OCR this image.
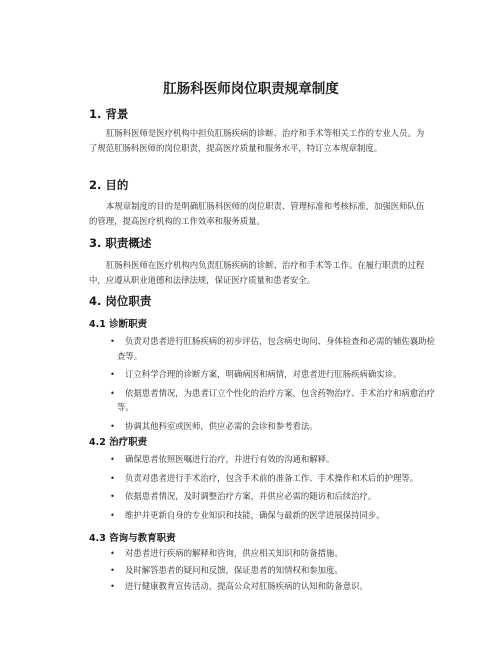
肛肠科医师岗位职责规章制度
1. 背景

肛肠科医师是医疗机构中担负肛肠疾病的诊断、治疗和手术等相关工作的专业人员。为了规范肛肠科医师的岗位职责，提高医疗质量和服务水平，特订立本规章制度。

2. 目的

本规章制度的目的是明确肛肠科医师的岗位职责、管理标准和考核标准，加强医师队伍的管理，提高医疗机构的工作效率和服务质量。

3. 职责概述

肛肠科医师在医疗机构内负责肛肠疾病的诊断、治疗和手术等工作。在履行职责的过程中，应遵从职业道德和法律法规，保证医疗质量和患者安全。

4. 岗位职责
4.1 诊断职责
•	负责对患者进行肛肠疾病的初步评估，包含病史询问、身体检查和必需的辅佐襄助检查等。
•	订立科学合理的诊断方案，明确病因和病情，对患者进行肛肠疾病确实诊。
•	依据患者情况，为患者订立个性化的治疗方案，包含药物治疗、手术治疗和病愈治疗等。
•	协调其他科室或医师，供应必需的会诊和参考看法。
4.2 治疗职责
•	确保患者依照医嘱进行治疗，并进行有效的沟通和解释。
•	负责对患者进行手术治疗，包含手术前的准备工作、手术操作和术后的护理等。
•	依据患者情况，及时调整治疗方案，并供应必需的随访和后续治疗。
•	维护并更新自身的专业知识和技能，确保与最新的医学进展保持同步。
4.3 咨询与教育职责
•	对患者进行疾病的解释和咨询，供应相关知识和防备措施。
•	及时解答患者的疑问和反馈，保证患者的知情权和参加度。
•	进行健康教育宣传活动，提高公众对肛肠疾病的认知和防备意识。
